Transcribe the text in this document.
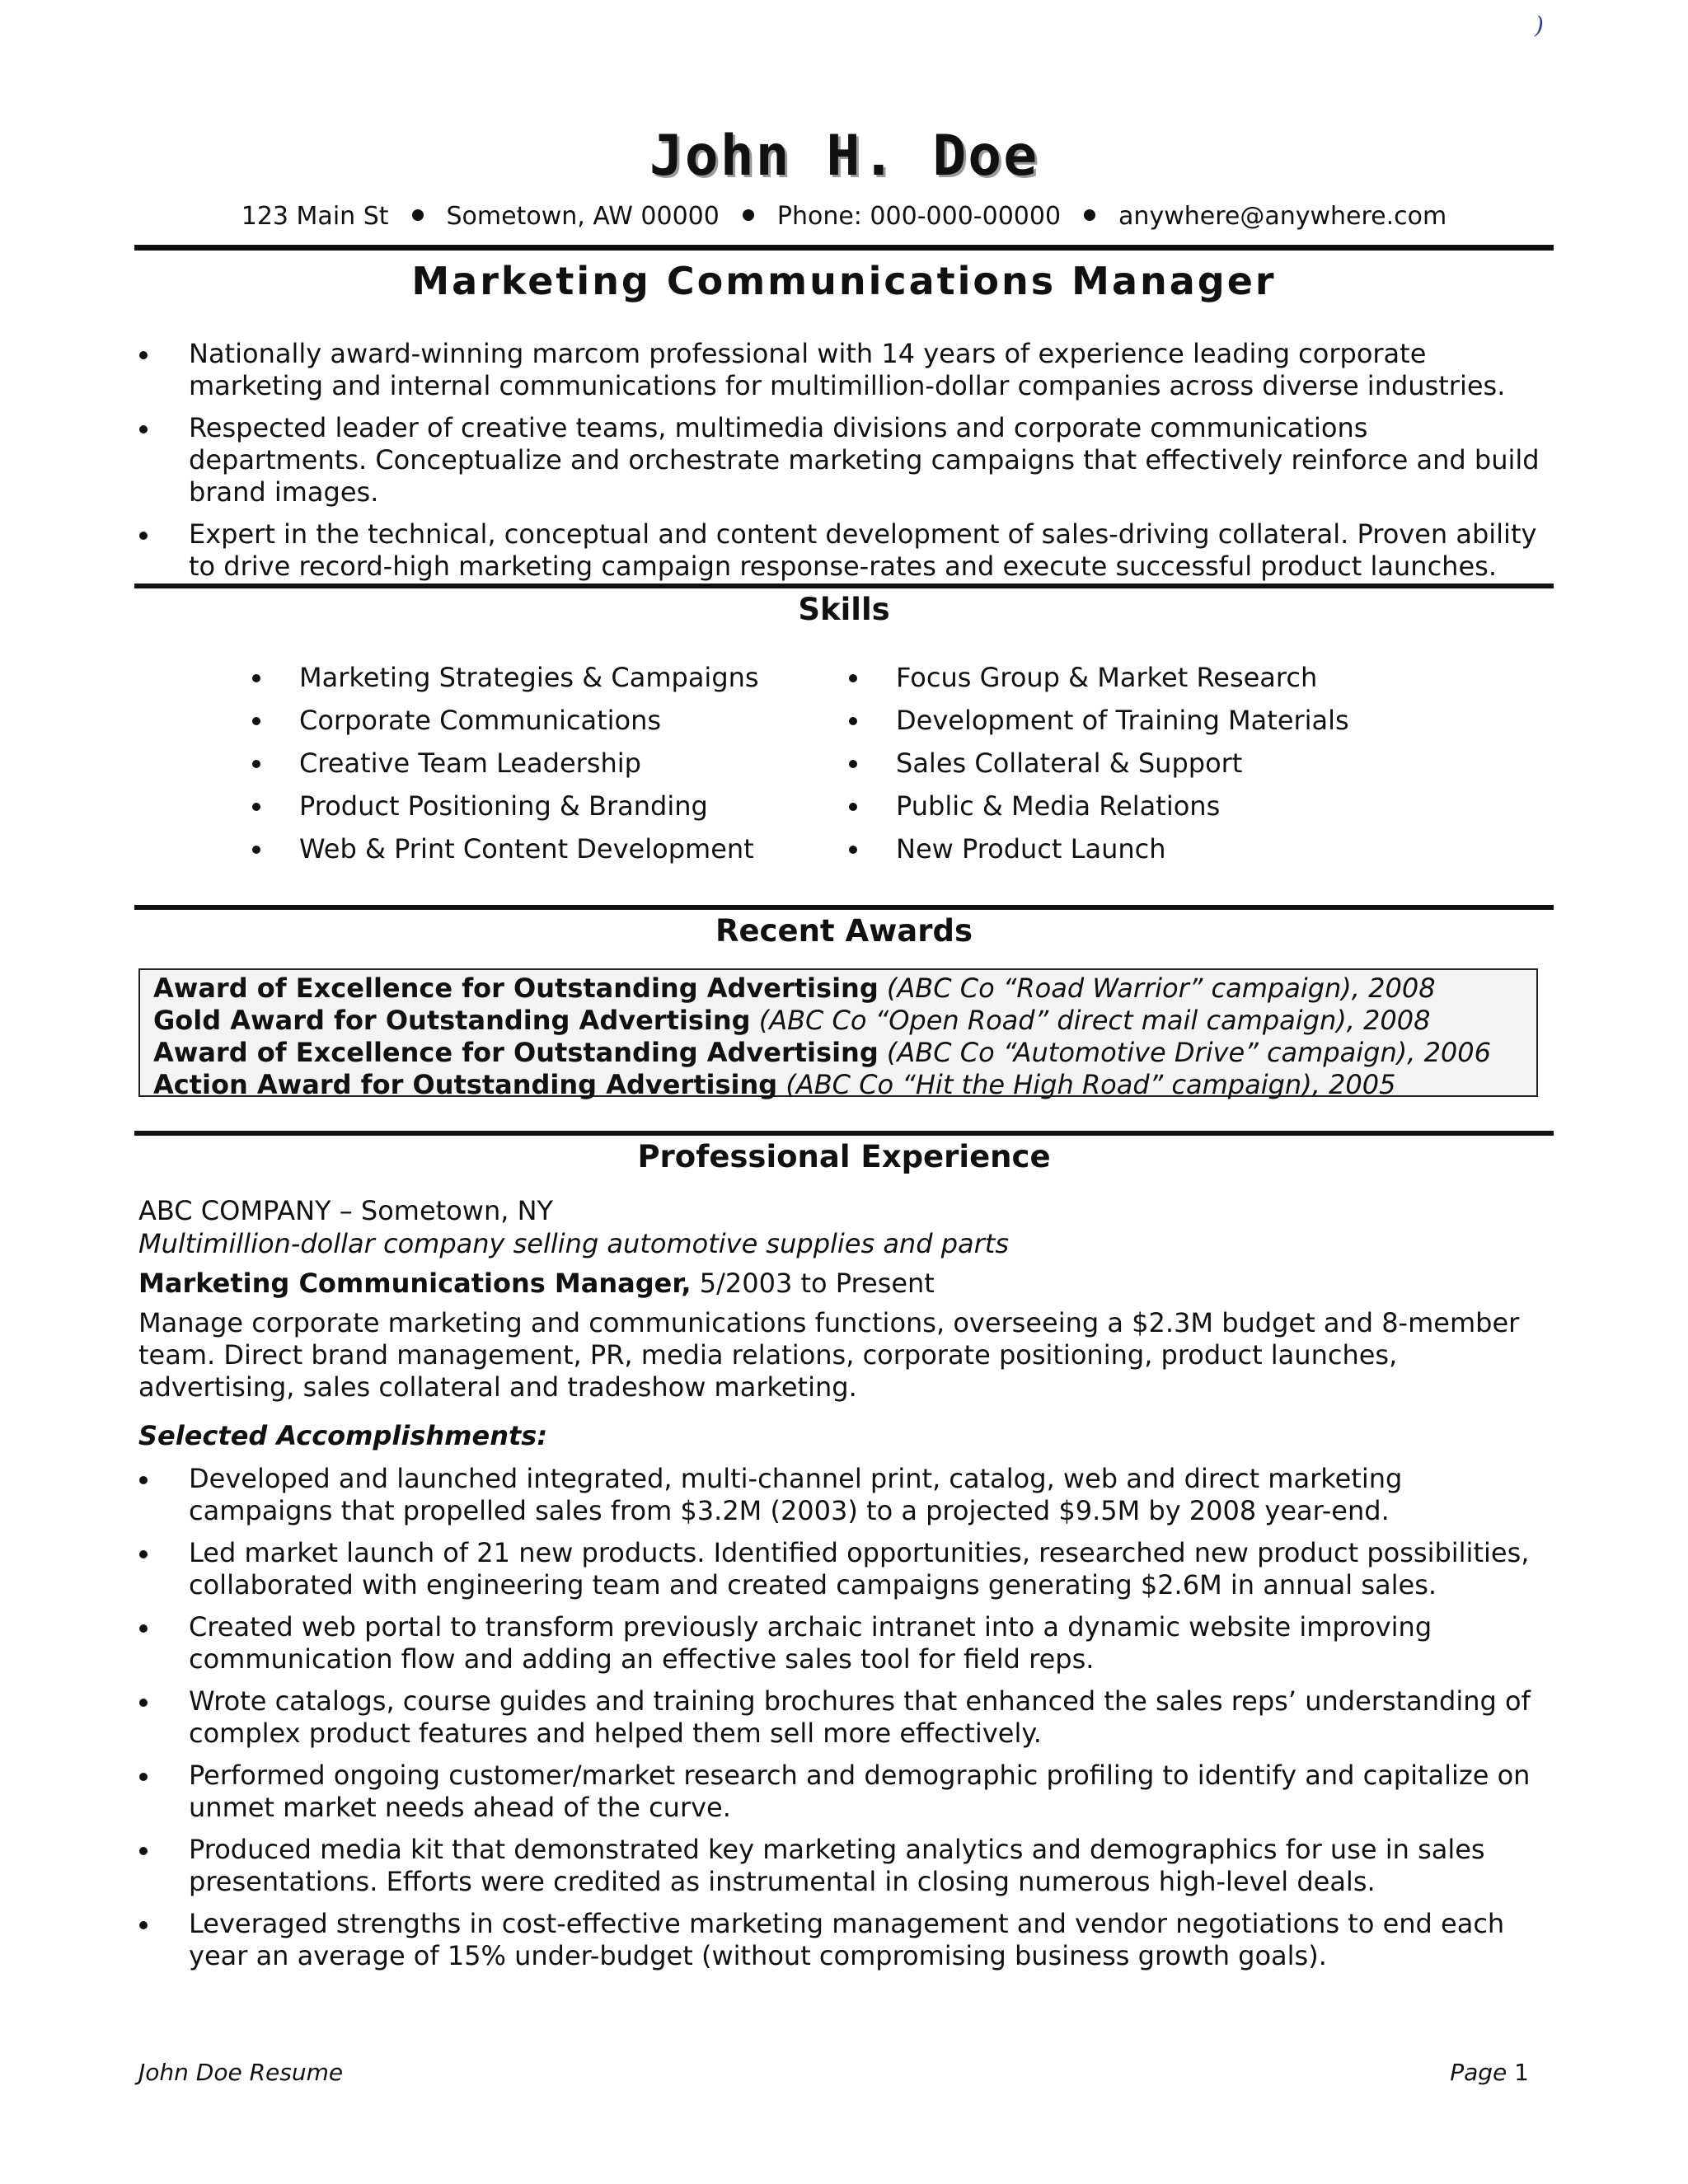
)
John H. Doe
123 Main St Sometown, AW 00000 Phone: 000-000-00000 anywhere@anywhere.com
Marketing Communications Manager
Nationally award-winning marcom professional with 14 years of experience leading corporate marketing and internal communications for multimillion-dollar companies across diverse industries.
Respected leader of creative teams, multimedia divisions and corporate communications departments. Conceptualize and orchestrate marketing campaigns that effectively reinforce and build brand images.
Expert in the technical, conceptual and content development of sales-driving collateral. Proven ability to drive record-high marketing campaign response-rates and execute successful product launches.
Skills
Marketing Strategies & Campaigns
Corporate Communications
Creative Team Leadership
Product Positioning & Branding
Web & Print Content Development
Focus Group & Market Research
Development of Training Materials
Sales Collateral & Support
Public & Media Relations
New Product Launch
Recent Awards
Award of Excellence for Outstanding Advertising (ABC Co “Road Warrior” campaign), 2008
Gold Award for Outstanding Advertising (ABC Co “Open Road” direct mail campaign), 2008
Award of Excellence for Outstanding Advertising (ABC Co “Automotive Drive” campaign), 2006
Action Award for Outstanding Advertising (ABC Co “Hit the High Road” campaign), 2005
Professional Experience
ABC COMPANY – Sometown, NY
Multimillion-dollar company selling automotive supplies and parts
Marketing Communications Manager, 5/2003 to Present
Manage corporate marketing and communications functions, overseeing a $2.3M budget and 8-member team. Direct brand management, PR, media relations, corporate positioning, product launches, advertising, sales collateral and tradeshow marketing.
Selected Accomplishments:
Developed and launched integrated, multi-channel print, catalog, web and direct marketing campaigns that propelled sales from $3.2M (2003) to a projected $9.5M by 2008 year-end.
Led market launch of 21 new products. Identified opportunities, researched new product possibilities, collaborated with engineering team and created campaigns generating $2.6M in annual sales.
Created web portal to transform previously archaic intranet into a dynamic website improving communication flow and adding an effective sales tool for field reps.
Wrote catalogs, course guides and training brochures that enhanced the sales reps’ understanding of complex product features and helped them sell more effectively.
Performed ongoing customer/market research and demographic profiling to identify and capitalize on unmet market needs ahead of the curve.
Produced media kit that demonstrated key marketing analytics and demographics for use in sales presentations. Efforts were credited as instrumental in closing numerous high-level deals.
Leveraged strengths in cost-effective marketing management and vendor negotiations to end each year an average of 15% under-budget (without compromising business growth goals).
John Doe Resume	Page 1
